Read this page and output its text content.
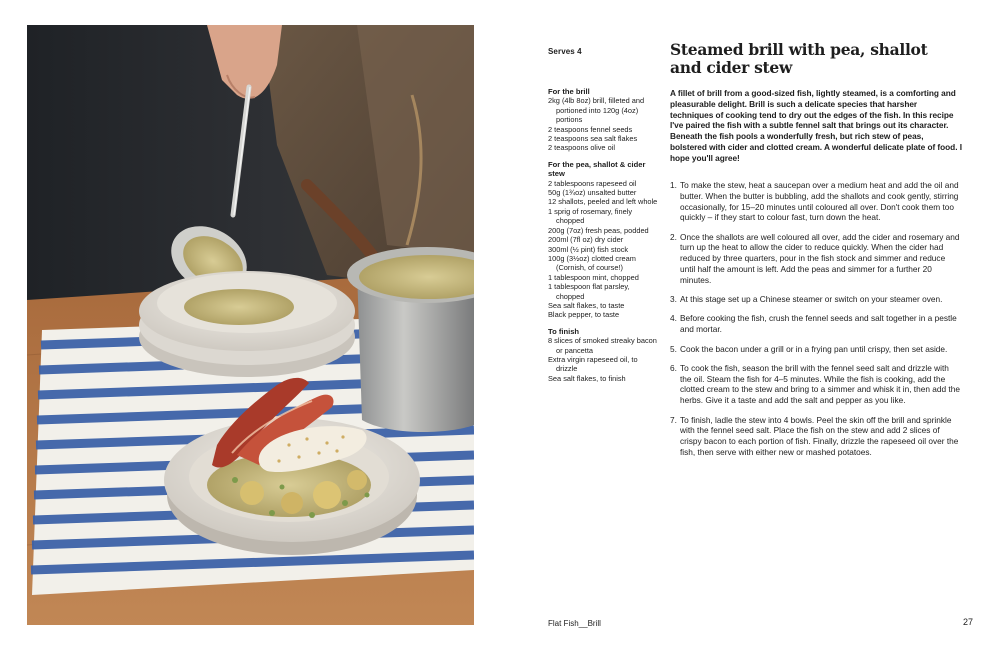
Serves 4
For the brill
2kg (4lb 8oz) brill, filleted and portioned into 120g (4oz) portions
2 teaspoons fennel seeds
2 teaspoons sea salt flakes
2 teaspoons olive oil
For the pea, shallot & cider stew
2 tablespoons rapeseed oil
50g (1¾oz) unsalted butter
12 shallots, peeled and left whole
1 sprig of rosemary, finely chopped
200g (7oz) fresh peas, podded
200ml (7fl oz) dry cider
300ml (½ pint) fish stock
100g (3½oz) clotted cream (Cornish, of course!)
1 tablespoon mint, chopped
1 tablespoon flat parsley, chopped
Sea salt flakes, to taste
Black pepper, to taste
To finish
8 slices of smoked streaky bacon or pancetta
Extra virgin rapeseed oil, to drizzle
Sea salt flakes, to finish
Steamed brill with pea, shallot and cider stew

A fillet of brill from a good-sized fish, lightly steamed, is a comforting and pleasurable delight. Brill is such a delicate species that harsher techniques of cooking tend to dry out the edges of the fish. In this recipe I've paired the fish with a subtle fennel salt that brings out its character. Beneath the fish pools a wonderfully fresh, but rich stew of peas, bolstered with cider and clotted cream. A wonderful delicate plate of food. I hope you'll agree!

1. To make the stew, heat a saucepan over a medium heat and add the oil and butter. When the butter is bubbling, add the shallots and cook gently, stirring occasionally, for 15–20 minutes until coloured all over. Don't cook them too quickly – if they start to colour fast, turn down the heat.
2. Once the shallots are well coloured all over, add the cider and rosemary and turn up the heat to allow the cider to reduce quickly. When the cider had reduced by three quarters, pour in the fish stock and simmer and reduce until half the amount is left. Add the peas and simmer for a further 20 minutes.
3. At this stage set up a Chinese steamer or switch on your steamer oven.
4. Before cooking the fish, crush the fennel seeds and salt together in a pestle and mortar.
5. Cook the bacon under a grill or in a frying pan until crispy, then set aside.
6. To cook the fish, season the brill with the fennel seed salt and drizzle with the oil. Steam the fish for 4–5 minutes. While the fish is cooking, add the clotted cream to the stew and bring to a simmer and whisk it in, then add the herbs. Give it a taste and add the salt and pepper as you like.
7. To finish, ladle the stew into 4 bowls. Peel the skin off the brill and sprinkle with the fennel seed salt. Place the fish on the stew and add 2 slices of crispy bacon to each portion of fish. Finally, drizzle the rapeseed oil over the fish, then serve with either new or mashed potatoes.
Flat Fish__Brill	27
